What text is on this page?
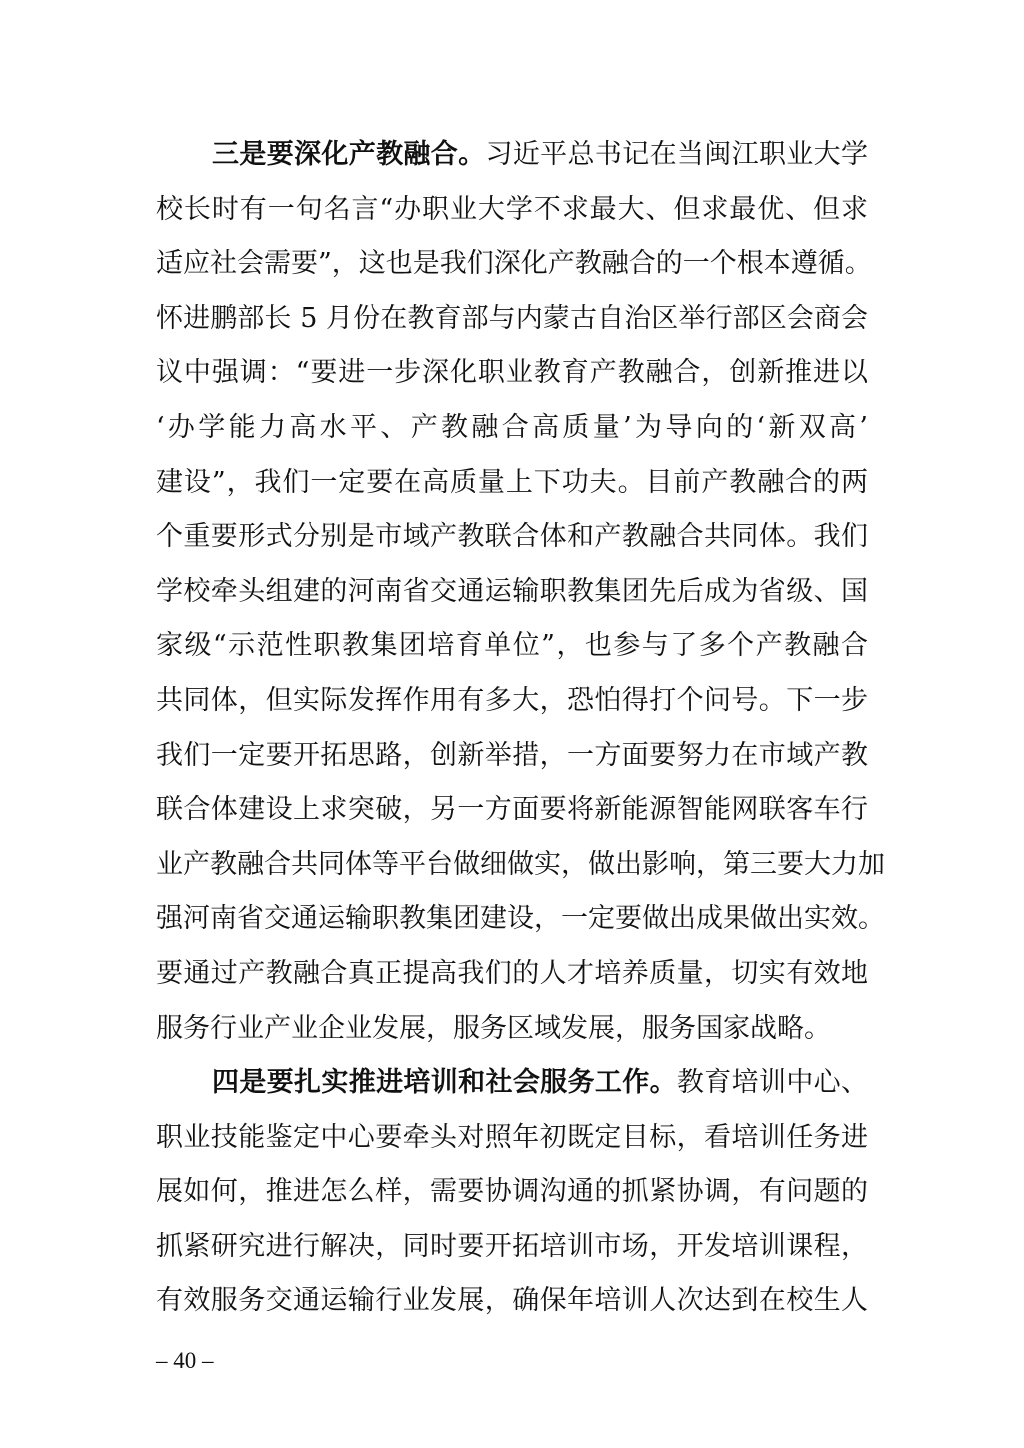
三是要深化产教融合。习近平总书记在当闽江职业大学
校长时有一句名言“办职业大学不求最大、但求最优、但求
适应社会需要”，这也是我们深化产教融合的一个根本遵循。
怀进鹏部长 5 月份在教育部与内蒙古自治区举行部区会商会
议中强调：“要进一步深化职业教育产教融合，创新推进以
‘办学能力高水平、产教融合高质量’为导向的‘新双高’
建设”，我们一定要在高质量上下功夫。目前产教融合的两
个重要形式分别是市域产教联合体和产教融合共同体。我们
学校牵头组建的河南省交通运输职教集团先后成为省级、国
家级“示范性职教集团培育单位”，也参与了多个产教融合
共同体，但实际发挥作用有多大，恐怕得打个问号。下一步
我们一定要开拓思路，创新举措，一方面要努力在市域产教
联合体建设上求突破，另一方面要将新能源智能网联客车行
业产教融合共同体等平台做细做实，做出影响，第三要大力加
强河南省交通运输职教集团建设，一定要做出成果做出实效。
要通过产教融合真正提高我们的人才培养质量，切实有效地
服务行业产业企业发展，服务区域发展，服务国家战略。
四是要扎实推进培训和社会服务工作。教育培训中心、
职业技能鉴定中心要牵头对照年初既定目标，看培训任务进
展如何，推进怎么样，需要协调沟通的抓紧协调，有问题的
抓紧研究进行解决，同时要开拓培训市场，开发培训课程，
有效服务交通运输行业发展，确保年培训人次达到在校生人
– 40 –
